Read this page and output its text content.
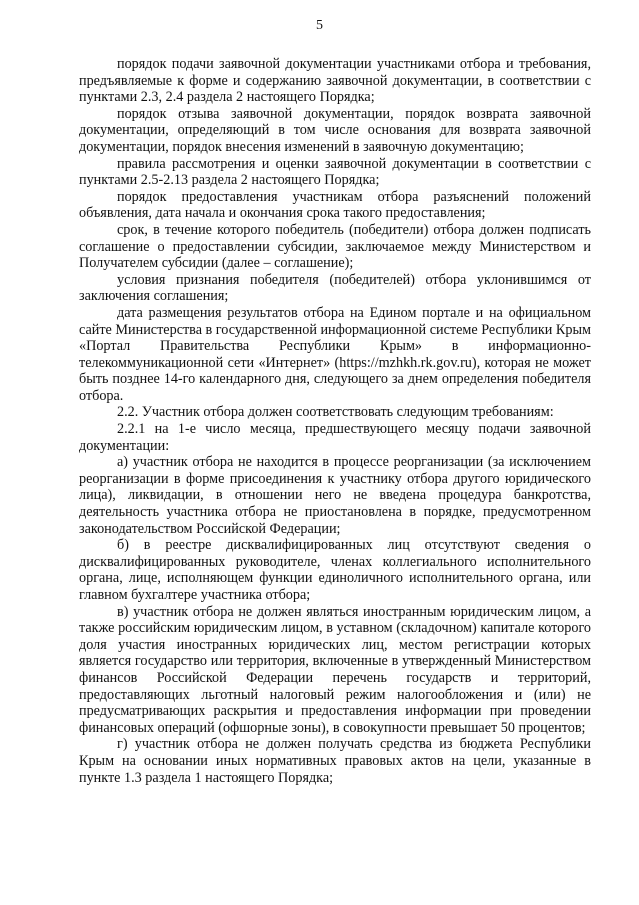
5

порядок подачи заявочной документации участниками отбора и требования, предъявляемые к форме и содержанию заявочной документации, в соответствии с пунктами 2.3, 2.4 раздела 2 настоящего Порядка;

порядок отзыва заявочной документации, порядок возврата заявочной документации, определяющий в том числе основания для возврата заявочной документации, порядок внесения изменений в заявочную документацию;

правила рассмотрения и оценки заявочной документации в соответствии с пунктами 2.5-2.13 раздела 2 настоящего Порядка;

порядок предоставления участникам отбора разъяснений положений объявления, дата начала и окончания срока такого предоставления;

срок, в течение которого победитель (победители) отбора должен подписать соглашение о предоставлении субсидии, заключаемое между Министерством и Получателем субсидии (далее – соглашение);

условия признания победителя (победителей) отбора уклонившимся от заключения соглашения;

дата размещения результатов отбора на Едином портале и на официальном сайте Министерства в государственной информационной системе Республики Крым «Портал Правительства Республики Крым» в информационно-телекоммуникационной сети «Интернет» (https://mzhkh.rk.gov.ru), которая не может быть позднее 14-го календарного дня, следующего за днем определения победителя отбора.

2.2. Участник отбора должен соответствовать следующим требованиям:

2.2.1 на 1-е число месяца, предшествующего месяцу подачи заявочной документации:

а) участник отбора не находится в процессе реорганизации (за исключением реорганизации в форме присоединения к участнику отбора другого юридического лица), ликвидации, в отношении него не введена процедура банкротства, деятельность участника отбора не приостановлена в порядке, предусмотренном законодательством Российской Федерации;

б) в реестре дисквалифицированных лиц отсутствуют сведения о дисквалифицированных руководителе, членах коллегиального исполнительного органа, лице, исполняющем функции единоличного исполнительного органа, или главном бухгалтере участника отбора;

в) участник отбора не должен являться иностранным юридическим лицом, а также российским юридическим лицом, в уставном (складочном) капитале которого доля участия иностранных юридических лиц, местом регистрации которых является государство или территория, включенные в утвержденный Министерством финансов Российской Федерации перечень государств и территорий, предоставляющих льготный налоговый режим налогообложения и (или) не предусматривающих раскрытия и предоставления информации при проведении финансовых операций (офшорные зоны), в совокупности превышает 50 процентов;

г) участник отбора не должен получать средства из бюджета Республики Крым на основании иных нормативных правовых актов на цели, указанные в пункте 1.3 раздела 1 настоящего Порядка;
